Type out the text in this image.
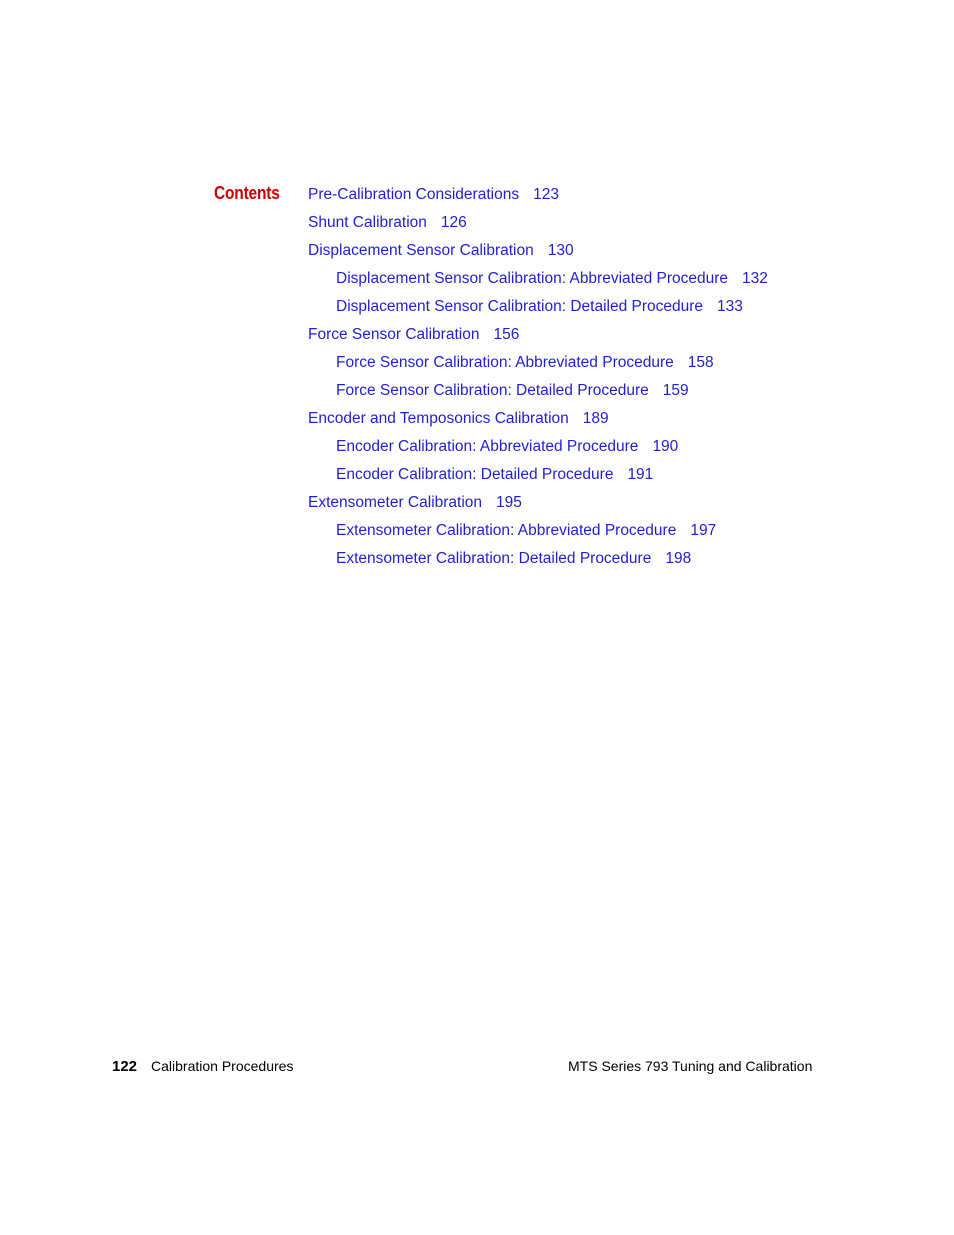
Contents Pre-Calibration Considerations 123
Shunt Calibration 126
Displacement Sensor Calibration 130
Displacement Sensor Calibration: Abbreviated Procedure 132
Displacement Sensor Calibration: Detailed Procedure 133
Force Sensor Calibration 156
Force Sensor Calibration: Abbreviated Procedure 158
Force Sensor Calibration: Detailed Procedure 159
Encoder and Temposonics Calibration 189
Encoder Calibration: Abbreviated Procedure 190
Encoder Calibration: Detailed Procedure 191
Extensometer Calibration 195
Extensometer Calibration: Abbreviated Procedure 197
Extensometer Calibration: Detailed Procedure 198
122 Calibration Procedures	MTS Series 793 Tuning and Calibration
